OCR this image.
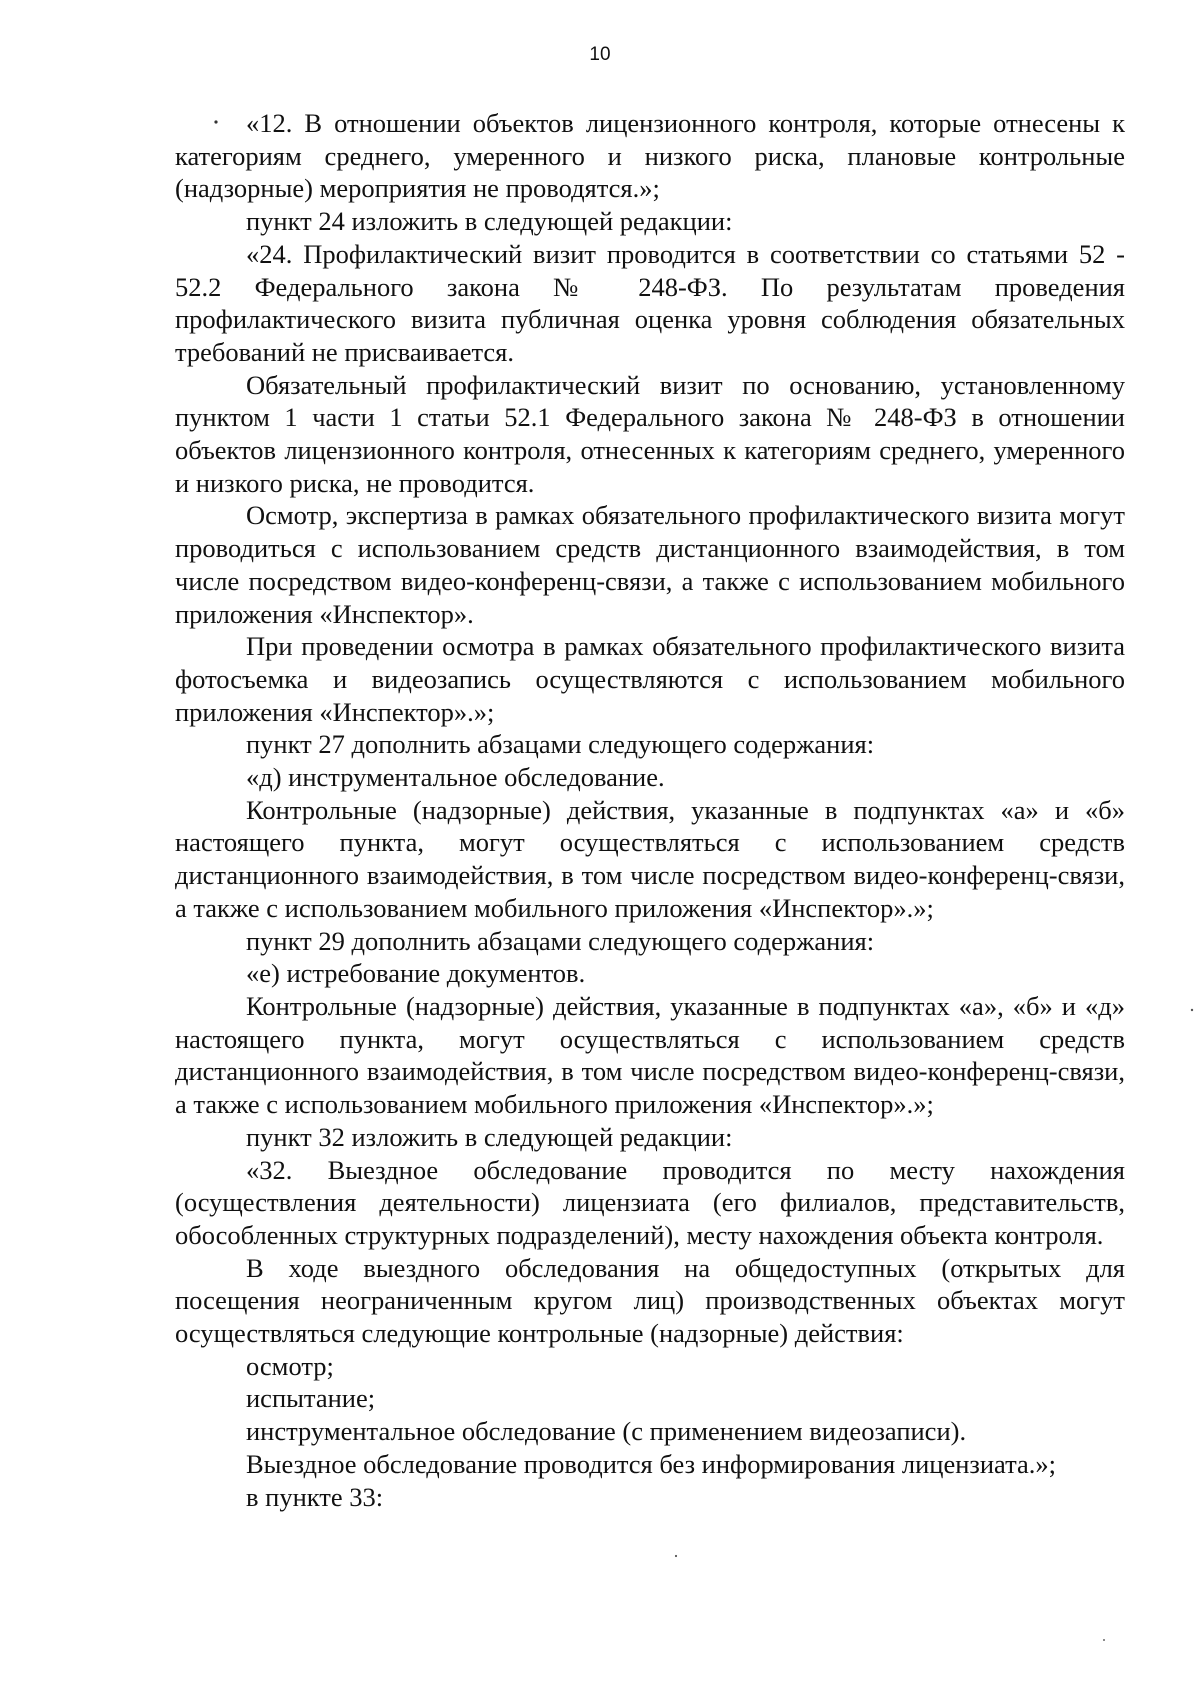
10

«12. В отношении объектов лицензионного контроля, которые отнесены к категориям среднего, умеренного и низкого риска, плановые контрольные (надзорные) мероприятия не проводятся.»;

пункт 24 изложить в следующей редакции:

«24. Профилактический визит проводится в соответствии со статьями 52 - 52.2 Федерального закона № 248-ФЗ. По результатам проведения профилактического визита публичная оценка уровня соблюдения обязательных требований не присваивается.

Обязательный профилактический визит по основанию, установленному пунктом 1 части 1 статьи 52.1 Федерального закона № 248-ФЗ в отношении объектов лицензионного контроля, отнесенных к категориям среднего, умеренного и низкого риска, не проводится.

Осмотр, экспертиза в рамках обязательного профилактического визита могут проводиться с использованием средств дистанционного взаимодействия, в том числе посредством видео-конференц-связи, а также с использованием мобильного приложения «Инспектор».

При проведении осмотра в рамках обязательного профилактического визита фотосъемка и видеозапись осуществляются с использованием мобильного приложения «Инспектор».»;

пункт 27 дополнить абзацами следующего содержания:

«д) инструментальное обследование.

Контрольные (надзорные) действия, указанные в подпунктах «а» и «б» настоящего пункта, могут осуществляться с использованием средств дистанционного взаимодействия, в том числе посредством видео-конференц-связи, а также с использованием мобильного приложения «Инспектор».»;

пункт 29 дополнить абзацами следующего содержания:

«е) истребование документов.

Контрольные (надзорные) действия, указанные в подпунктах «а», «б» и «д» настоящего пункта, могут осуществляться с использованием средств дистанционного взаимодействия, в том числе посредством видео-конференц-связи, а также с использованием мобильного приложения «Инспектор».»;

пункт 32 изложить в следующей редакции:

«32. Выездное обследование проводится по месту нахождения (осуществления деятельности) лицензиата (его филиалов, представительств, обособленных структурных подразделений), месту нахождения объекта контроля.

В ходе выездного обследования на общедоступных (открытых для посещения неограниченным кругом лиц) производственных объектах могут осуществляться следующие контрольные (надзорные) действия:

осмотр;

испытание;

инструментальное обследование (с применением видеозаписи).

Выездное обследование проводится без информирования лицензиата.»;

в пункте 33:
